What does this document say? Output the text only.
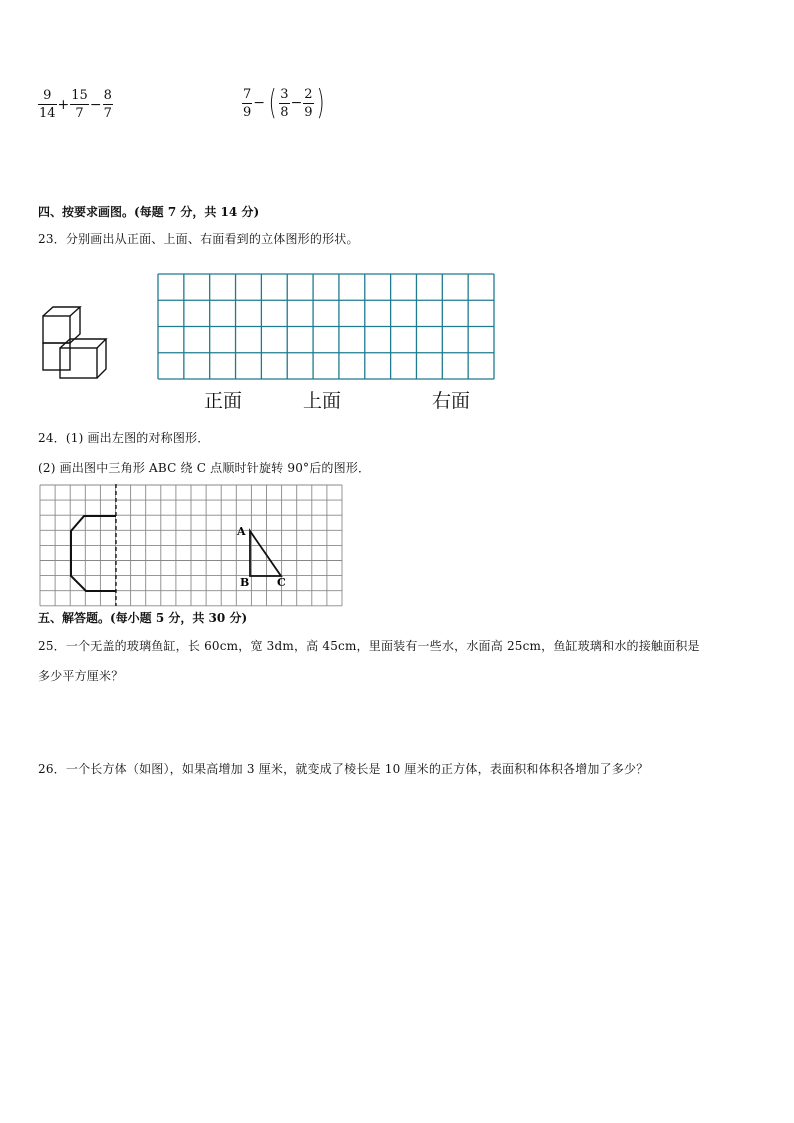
$\frac{9}{14} + \frac{15}{7} - \frac{8}{7}$	$\frac{7}{9}$ − ( $\frac{3}{8} - \frac{2}{9}$ )
四、按要求画图。(每题 7 分，共 14 分)
23．分别画出从正面、上面、右面看到的立体图形的形状。
正面	上面	右面
24．(1) 画出左图的对称图形．
(2) 画出图中三角形 ABC 绕 C 点顺时针旋转 90°后的图形．
A
B	C
五、解答题。(每小题 5 分，共 30 分)
25．一个无盖的玻璃鱼缸，长 60cm，宽 3dm，高 45cm，里面装有一些水，水面高 25cm，鱼缸玻璃和水的接触面积是
多少平方厘米？
26．一个长方体（如图），如果高增加 3 厘米，就变成了棱长是 10 厘米的正方体，表面积和体积各增加了多少？
